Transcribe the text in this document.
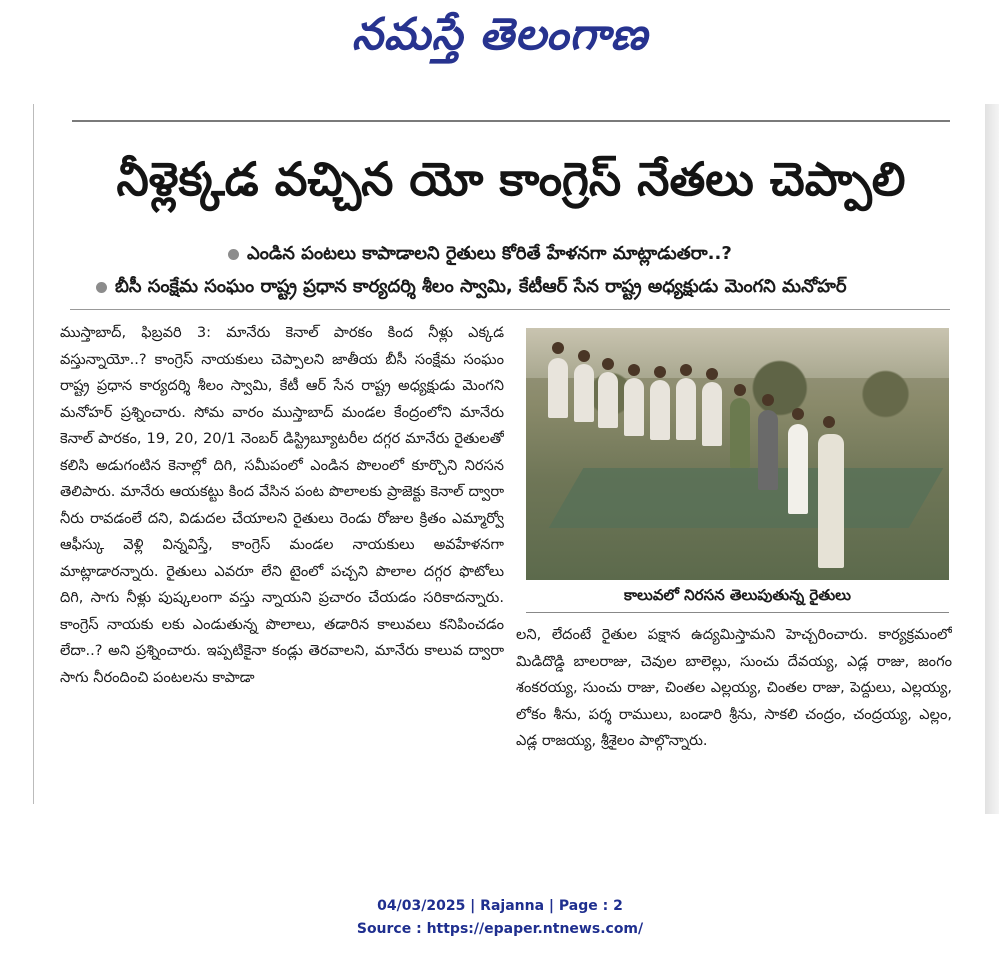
నమస్తే తెలంగాణ
నీళ్లెక్కడ వచ్చిన యో కాంగ్రెస్ నేతలు చెప్పాలి
ఎండిన పంటలు కాపాడాలని రైతులు కోరితే హేళనగా మాట్లాడుతరా..?
బీసీ సంక్షేమ సంఘం రాష్ట్ర ప్రధాన కార్యదర్శి శీలం స్వామి, కేటీఆర్ సేన రాష్ట్ర అధ్యక్షుడు మెంగని మనోహర్
ముస్తాబాద్, ఫిబ్రవరి 3: మానేరు కెనాల్ పారకం కింద నీళ్లు ఎక్కడ వస్తున్నాయో..? కాంగ్రెస్ నాయకులు చెప్పాలని జాతీయ బీసీ సంక్షేమ సంఘం రాష్ట్ర ప్రధాన కార్యదర్శి శీలం స్వామి, కేటీ ఆర్ సేన రాష్ట్ర అధ్యక్షుడు మెంగని మనోహర్ ప్రశ్నించారు. సోమ వారం ముస్తాబాద్ మండల కేంద్రంలోని మానేరు కెనాల్ పారకం, 19, 20, 20/1 నెంబర్ డిస్ట్రిబ్యూటరీల దగ్గర మానేరు రైతులతో కలిసి అడుగంటిన కెనాల్లో దిగి, సమీపంలో ఎండిన పొలంలో కూర్చొని నిరసన తెలిపారు. మానేరు ఆయకట్టు కింద వేసిన పంట పొలాలకు ప్రాజెక్టు కెనాల్ ద్వారా నీరు రావడంలే దని, విడుదల చేయాలని రైతులు రెండు రోజుల క్రితం ఎమ్మార్వో ఆఫీస్కు వెళ్లి విన్నవిస్తే, కాంగ్రెస్ మండల నాయకులు అవహేళనగా మాట్లాడారన్నారు. రైతులు ఎవరూ లేని టైంలో పచ్చని పొలాల దగ్గర ఫొటోలు దిగి, సాగు నీళ్లు పుష్కలంగా వస్తు న్నాయని ప్రచారం చేయడం సరికాదన్నారు. కాంగ్రెస్ నాయకు లకు ఎండుతున్న పొలాలు, తడారిన కాలువలు కనిపించడం లేదా..? అని ప్రశ్నించారు. ఇప్పటికైనా కండ్లు తెరవాలని, మానేరు కాలువ ద్వారా సాగు నీరందించి పంటలను కాపాడా
కాలువలో నిరసన తెలుపుతున్న రైతులు
లని, లేదంటే రైతుల పక్షాన ఉద్యమిస్తామని హెచ్చరించారు. కార్యక్రమంలో మిడిదొడ్డి బాలరాజు, చెవుల బాలెల్లు, సుంచు దేవయ్య, ఎడ్ల రాజు, జంగం శంకరయ్య, సుంచు రాజు, చింతల ఎల్లయ్య, చింతల రాజు, పెద్దులు, ఎల్లయ్య, లోకం శీను, పర్శ రాములు, బండారి శ్రీను, సాకలి చంద్రం, చంద్రయ్య, ఎల్లం, ఎడ్ల రాజయ్య, శ్రీశైలం పాల్గొన్నారు.
04/03/2025 | Rajanna | Page : 2
Source : https://epaper.ntnews.com/
